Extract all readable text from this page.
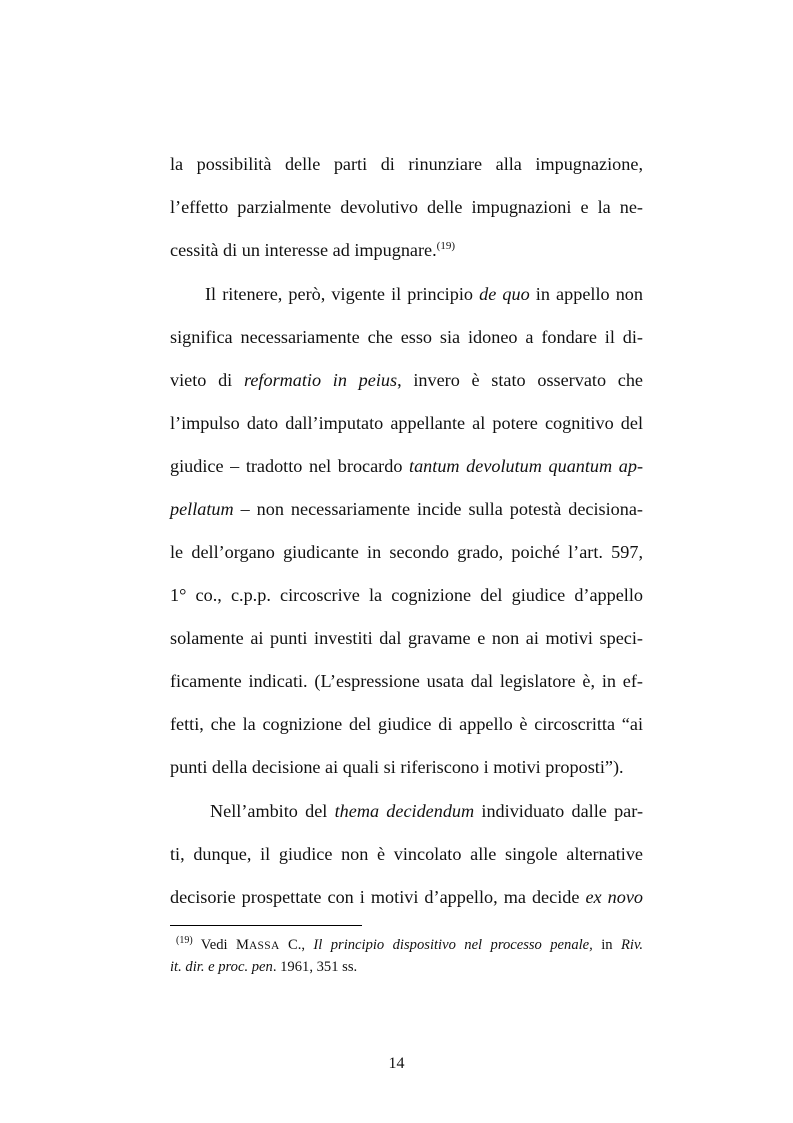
la possibilità delle parti di rinunziare alla impugnazione,
l’effetto parzialmente devolutivo delle impugnazioni e la ne-
cessità di un interesse ad impugnare.$^{(19)}$
Il ritenere, però, vigente il principio de quo in appello non
significa necessariamente che esso sia idoneo a fondare il di-
vieto di reformatio in peius, invero è stato osservato che
l’impulso dato dall’imputato appellante al potere cognitivo del
giudice – tradotto nel brocardo tantum devolutum quantum ap-
pellatum – non necessariamente incide sulla potestà decisiona-
le dell’organo giudicante in secondo grado, poiché l’art. 597,
1° co., c.p.p. circoscrive la cognizione del giudice d’appello
solamente ai punti investiti dal gravame e non ai motivi speci-
ficamente indicati. (L’espressione usata dal legislatore è, in ef-
fetti, che la cognizione del giudice di appello è circoscritta “ai
punti della decisione ai quali si riferiscono i motivi proposti”).
Nell’ambito del thema decidendum individuato dalle par-
ti, dunque, il giudice non è vincolato alle singole alternative
decisorie prospettate con i motivi d’appello, ma decide ex novo
$^{(19)}$ Vedi MASSA C., Il principio dispositivo nel processo penale, in Riv.
it. dir. e proc. pen. 1961, 351 ss.
14
